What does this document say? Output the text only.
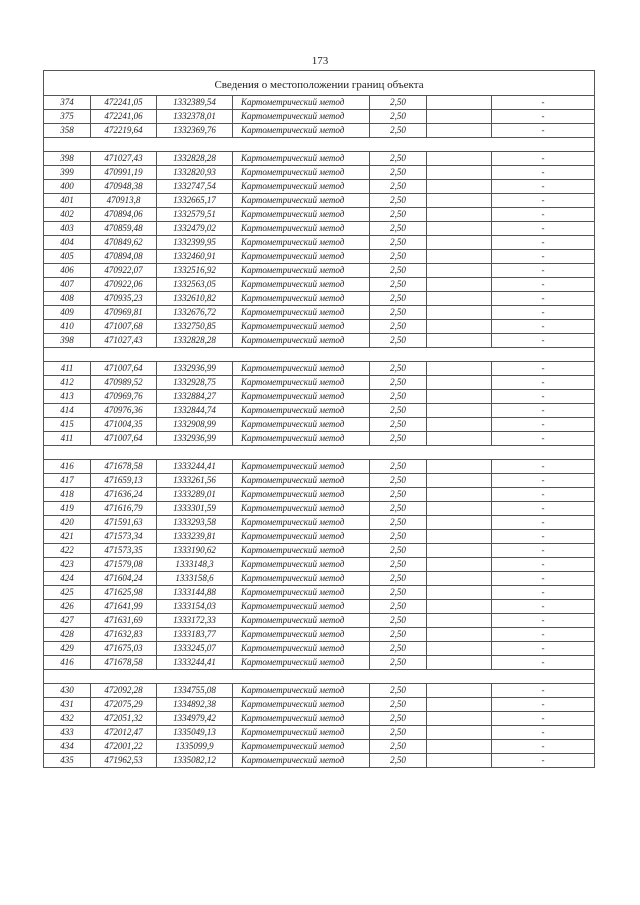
173
Сведения о местоположении границ объекта						
374	472241,05	1332389,54	Картометрический метод	2,50		-
375	472241,06	1332378,01	Картометрический метод	2,50		-
358	472219,64	1332369,76	Картометрический метод	2,50		-

398	471027,43	1332828,28	Картометрический метод	2,50		-
399	470991,19	1332820,93	Картометрический метод	2,50		-
400	470948,38	1332747,54	Картометрический метод	2,50		-
401	470913,8	1332665,17	Картометрический метод	2,50		-
402	470894,06	1332579,51	Картометрический метод	2,50		-
403	470859,48	1332479,02	Картометрический метод	2,50		-
404	470849,62	1332399,95	Картометрический метод	2,50		-
405	470894,08	1332460,91	Картометрический метод	2,50		-
406	470922,07	1332516,92	Картометрический метод	2,50		-
407	470922,06	1332563,05	Картометрический метод	2,50		-
408	470935,23	1332610,82	Картометрический метод	2,50		-
409	470969,81	1332676,72	Картометрический метод	2,50		-
410	471007,68	1332750,85	Картометрический метод	2,50		-
398	471027,43	1332828,28	Картометрический метод	2,50		-

411	471007,64	1332936,99	Картометрический метод	2,50		-
412	470989,52	1332928,75	Картометрический метод	2,50		-
413	470969,76	1332884,27	Картометрический метод	2,50		-
414	470976,36	1332844,74	Картометрический метод	2,50		-
415	471004,35	1332908,99	Картометрический метод	2,50		-
411	471007,64	1332936,99	Картометрический метод	2,50		-

416	471678,58	1333244,41	Картометрический метод	2,50		-
417	471659,13	1333261,56	Картометрический метод	2,50		-
418	471636,24	1333289,01	Картометрический метод	2,50		-
419	471616,79	1333301,59	Картометрический метод	2,50		-
420	471591,63	1333293,58	Картометрический метод	2,50		-
421	471573,34	1333239,81	Картометрический метод	2,50		-
422	471573,35	1333190,62	Картометрический метод	2,50		-
423	471579,08	1333148,3	Картометрический метод	2,50		-
424	471604,24	1333158,6	Картометрический метод	2,50		-
425	471625,98	1333144,88	Картометрический метод	2,50		-
426	471641,99	1333154,03	Картометрический метод	2,50		-
427	471631,69	1333172,33	Картометрический метод	2,50		-
428	471632,83	1333183,77	Картометрический метод	2,50		-
429	471675,03	1333245,07	Картометрический метод	2,50		-
416	471678,58	1333244,41	Картометрический метод	2,50		-

430	472092,28	1334755,08	Картометрический метод	2,50		-
431	472075,29	1334892,38	Картометрический метод	2,50		-
432	472051,32	1334979,42	Картометрический метод	2,50		-
433	472012,47	1335049,13	Картометрический метод	2,50		-
434	472001,22	1335099,9	Картометрический метод	2,50		-
435	471962,53	1335082,12	Картометрический метод	2,50		-
